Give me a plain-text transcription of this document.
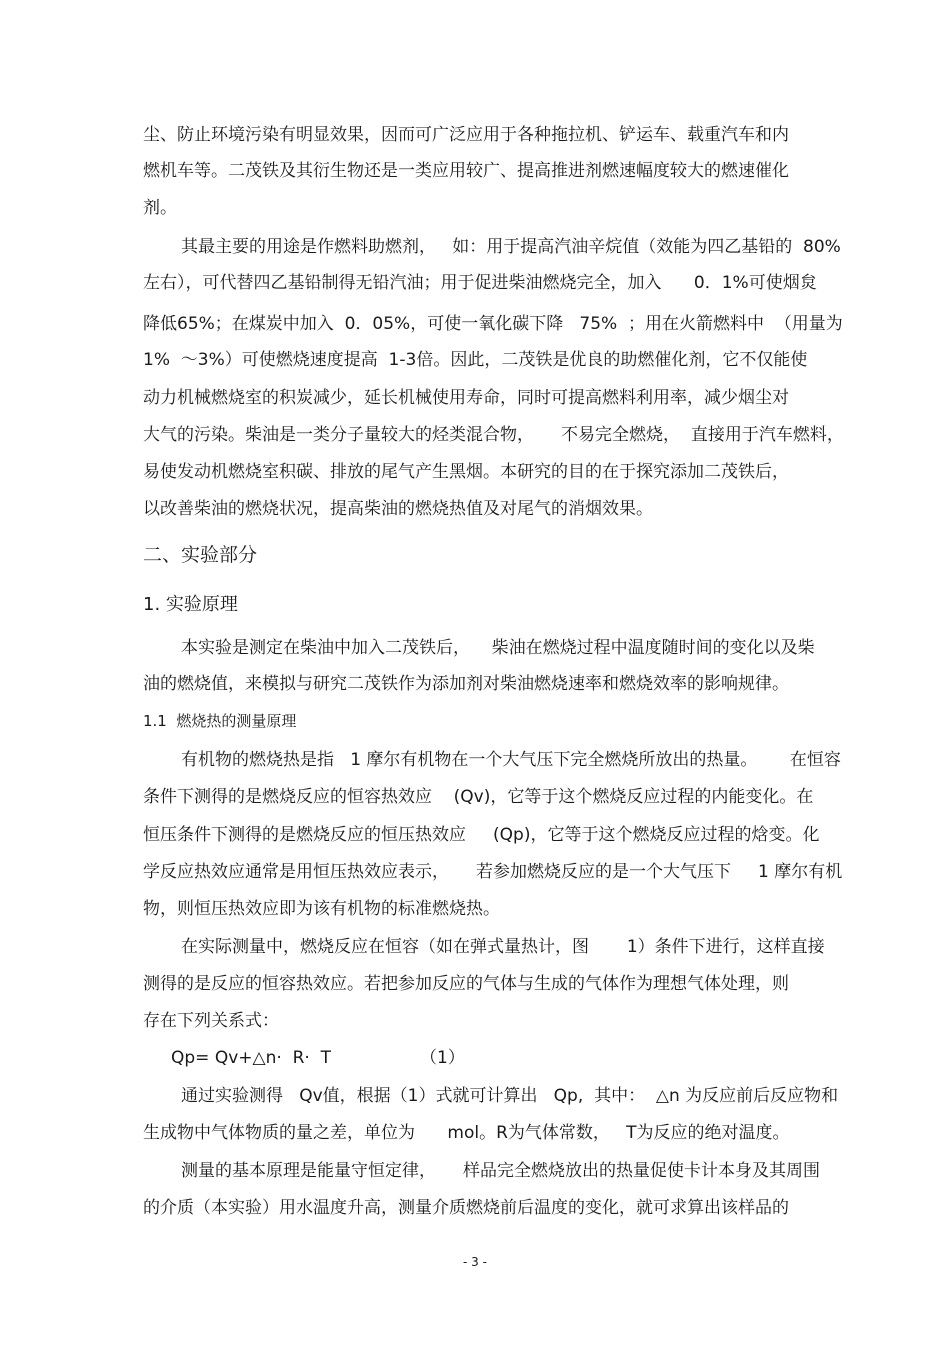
尘、防止环境污染有明显效果，因而可广泛应用于各种拖拉机、铲运车、载重汽车和内
燃机车等。二茂铁及其衍生物还是一类应用较广、提高推进剂燃速幅度较大的燃速催化
剂。
其最主要的用途是作燃料助燃剂，   如：用于提高汽油辛烷值（效能为四乙基铅的  80%
左右），可代替四乙基铅制得无铅汽油；用于促进柴油燃烧完全，加入      0．1%可使烟炱
降低65%；在煤炭中加入  0．05%，可使一氧化碳下降   75%  ；用在火箭燃料中  （用量为
1%  ～3%）可使燃烧速度提高  1-3倍。因此，二茂铁是优良的助燃催化剂，它不仅能使
动力机械燃烧室的积炭减少，延长机械使用寿命，同时可提高燃料利用率，减少烟尘对
大气的污染。柴油是一类分子量较大的烃类混合物，     不易完全燃烧，  直接用于汽车燃料，
易使发动机燃烧室积碳、排放的尾气产生黑烟。本研究的目的在于探究添加二茂铁后，
以改善柴油的燃烧状况，提高柴油的燃烧热值及对尾气的消烟效果。
二、实验部分
1. 实验原理
本实验是测定在柴油中加入二茂铁后，    柴油在燃烧过程中温度随时间的变化以及柴
油的燃烧值，来模拟与研究二茂铁作为添加剂对柴油燃烧速率和燃烧效率的影响规律。
1.1  燃烧热的测量原理
有机物的燃烧热是指   1 摩尔有机物在一个大气压下完全燃烧所放出的热量。      在恒容
条件下测得的是燃烧反应的恒容热效应    (Qv)，它等于这个燃烧反应过程的内能变化。在
恒压条件下测得的是燃烧反应的恒压热效应     (Qp)，它等于这个燃烧反应过程的焓变。化
学反应热效应通常是用恒压热效应表示，     若参加燃烧反应的是一个大气压下     1 摩尔有机
物，则恒压热效应即为该有机物的标准燃烧热。
在实际测量中，燃烧反应在恒容（如在弹式量热计，图       1）条件下进行，这样直接
测得的是反应的恒容热效应。若把参加反应的气体与生成的气体作为理想气体处理，则
存在下列关系式：
Qp= Qv+△n·  R·  T	（1）
通过实验测得   Qv值，根据（1）式就可计算出   Qp,  其中：  △n 为反应前后反应物和
生成物中气体物质的量之差，单位为      mol。R为气体常数，   T为反应的绝对温度。
测量的基本原理是能量守恒定律，     样品完全燃烧放出的热量促使卡计本身及其周围
的介质（本实验）用水温度升高，测量介质燃烧前后温度的变化，就可求算出该样品的
- 3 -
